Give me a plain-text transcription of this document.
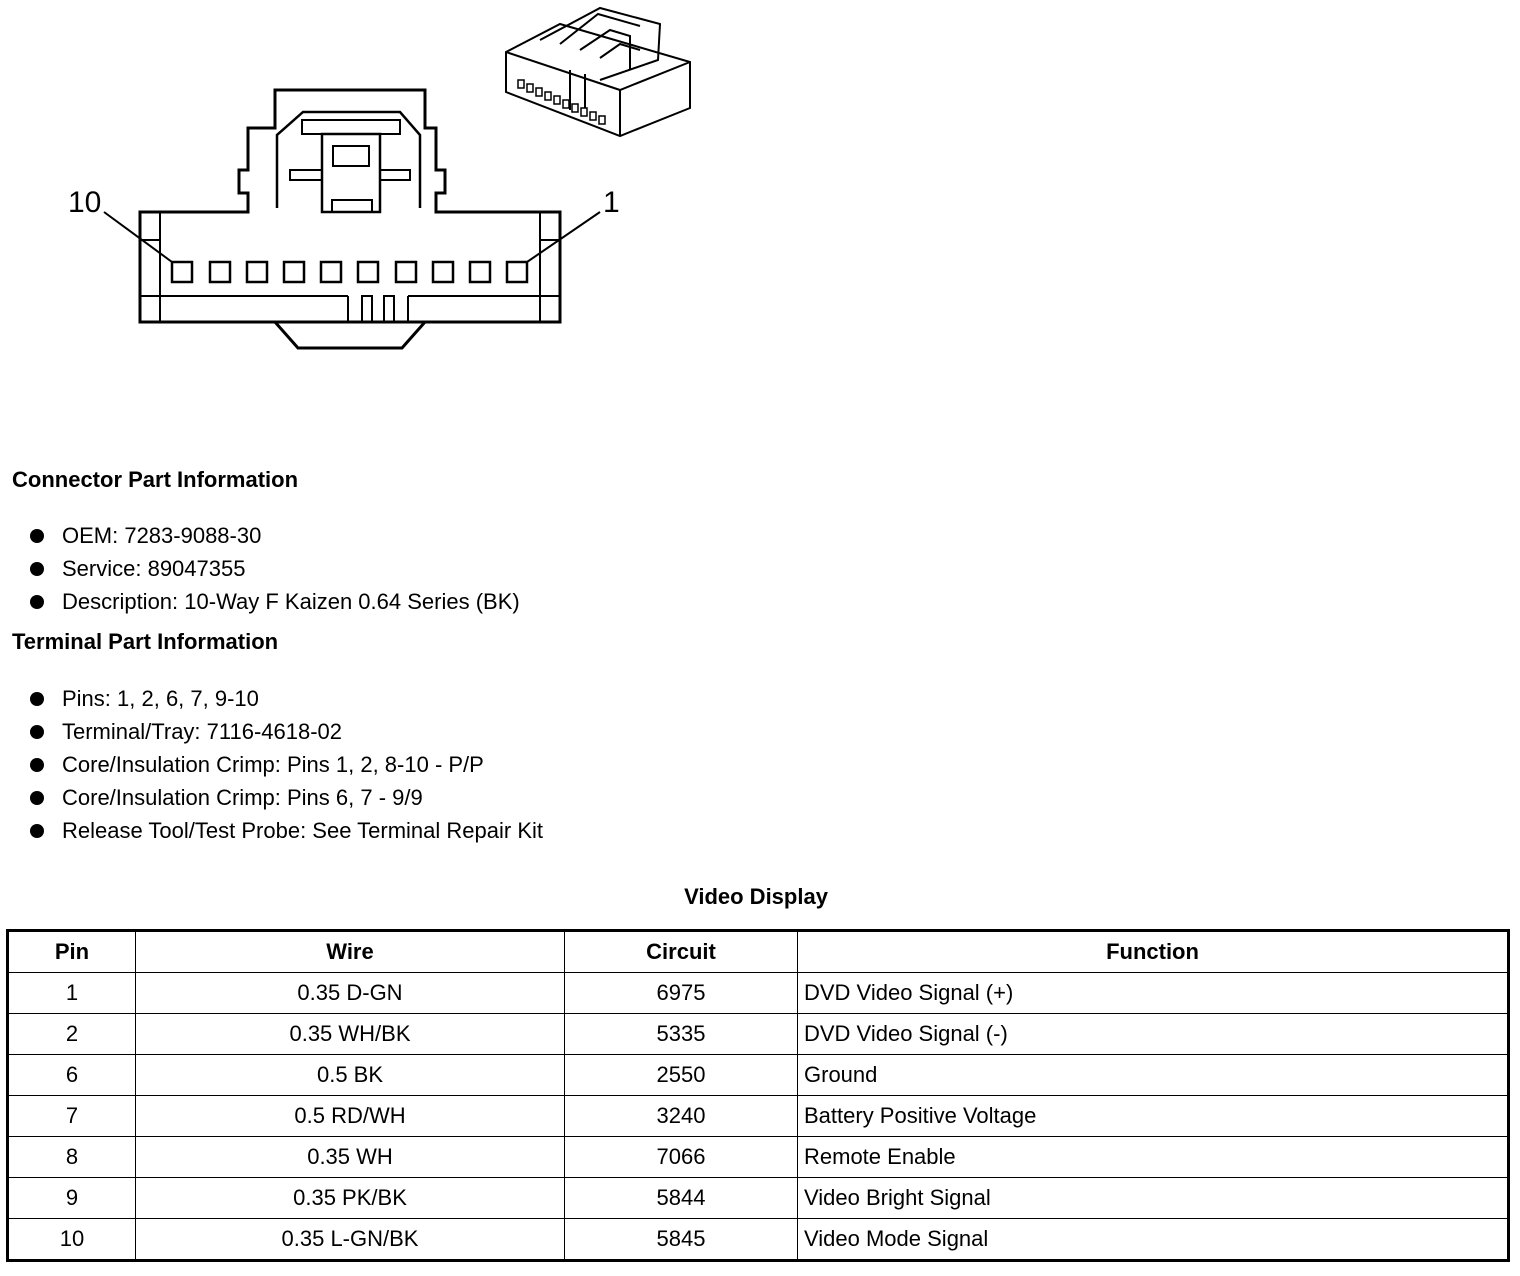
10	1
Connector Part Information
OEM: 7283-9088-30
Service: 89047355
Description: 10-Way F Kaizen 0.64 Series (BK)
Terminal Part Information
Pins: 1, 2, 6, 7, 9-10
Terminal/Tray: 7116-4618-02
Core/Insulation Crimp: Pins 1, 2, 8-10 - P/P
Core/Insulation Crimp: Pins 6, 7 - 9/9
Release Tool/Test Probe: See Terminal Repair Kit
Video Display
Pin	Wire	Circuit	Function
1	0.35 D-GN	6975	DVD Video Signal (+)
2	0.35 WH/BK	5335	DVD Video Signal (-)
6	0.5 BK	2550	Ground
7	0.5 RD/WH	3240	Battery Positive Voltage
8	0.35 WH	7066	Remote Enable
9	0.35 PK/BK	5844	Video Bright Signal
10	0.35 L-GN/BK	5845	Video Mode Signal
